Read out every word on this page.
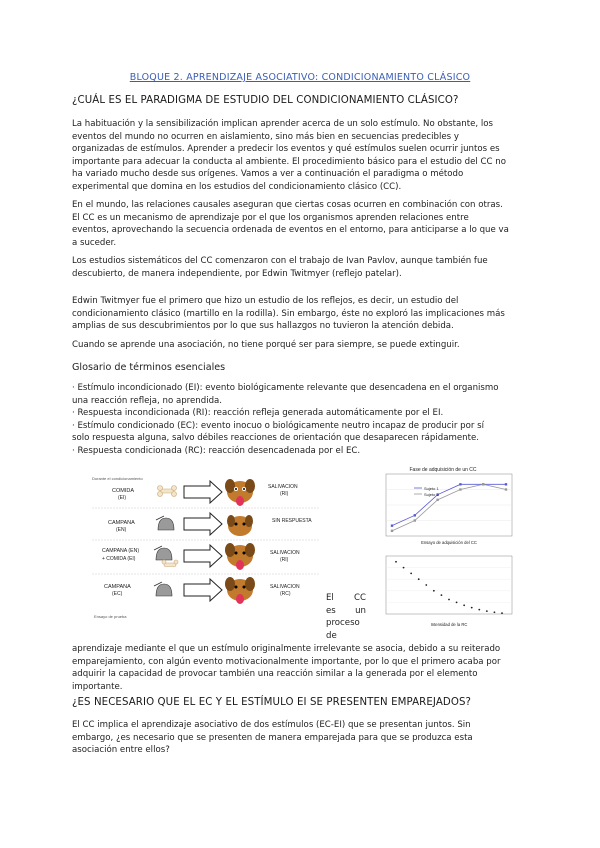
BLOQUE 2. APRENDIZAJE ASOCIATIVO: CONDICIONAMIENTO CLÁSICO
¿CUÁL ES EL PARADIGMA DE ESTUDIO DEL CONDICIONAMIENTO CLÁSICO?
La habituación y la sensibilización implican aprender acerca de un solo estímulo. No obstante, los
eventos del mundo no ocurren en aislamiento, sino más bien en secuencias predecibles y
organizadas de estímulos. Aprender a predecir los eventos y qué estímulos suelen ocurrir juntos es
importante para adecuar la conducta al ambiente. El procedimiento básico para el estudio del CC no
ha variado mucho desde sus orígenes. Vamos a ver a continuación el paradigma o método
experimental que domina en los estudios del condicionamiento clásico (CC).
En el mundo, las relaciones causales aseguran que ciertas cosas ocurren en combinación con otras.
El CC es un mecanismo de aprendizaje por el que los organismos aprenden relaciones entre
eventos, aprovechando la secuencia ordenada de eventos en el entorno, para anticiparse a lo que va
a suceder.
Los estudios sistemáticos del CC comenzaron con el trabajo de Ivan Pavlov, aunque también fue
descubierto, de manera independiente, por Edwin Twitmyer (reflejo patelar).
Edwin Twitmyer fue el primero que hizo un estudio de los reflejos, es decir, un estudio del
condicionamiento clásico (martillo en la rodilla). Sin embargo, éste no exploró las implicaciones más
amplias de sus descubrimientos por lo que sus hallazgos no tuvieron la atención debida.
Cuando se aprende una asociación, no tiene porqué ser para siempre, se puede extinguir.
Glosario de términos esenciales
· Estímulo incondicionado (EI): evento biológicamente relevante que desencadena en el organismo
una reacción refleja, no aprendida.
· Respuesta incondicionada (RI): reacción refleja generada automáticamente por el EI.
· Estímulo condicionado (EC): evento inocuo o biológicamente neutro incapaz de producir por sí
solo respuesta alguna, salvo débiles reacciones de orientación que desaparecen rápidamente.
· Respuesta condicionada (RC): reacción desencadenada por el EC.
Durante el condicionamiento
COMIDA
(EI)
SALIVACION
(RI)
CAMPANA
(EN)
SIN RESPUESTA
CAMPANA (EN)
+ COMIDA (EI)
SALIVACION
(RI)
CAMPANA
(EC)
SALIVACION
(RC)
Ensayo de prueba
Fase de adquisición de un CC
Sujeto 1
Sujeto 2
Ensayo de adquisición del CC
Intensidad de la RC
El CC
es un
proceso
de
aprendizaje mediante el que un estímulo originalmente irrelevante se asocia, debido a su reiterado
emparejamiento, con algún evento motivacionalmente importante, por lo que el primero acaba por
adquirir la capacidad de provocar también una reacción similar a la generada por el elemento
importante.
¿ES NECESARIO QUE EL EC Y EL ESTÍMULO EI SE PRESENTEN EMPAREJADOS?
El CC implica el aprendizaje asociativo de dos estímulos (EC-EI) que se presentan juntos. Sin
embargo, ¿es necesario que se presenten de manera emparejada para que se produzca esta
asociación entre ellos?
